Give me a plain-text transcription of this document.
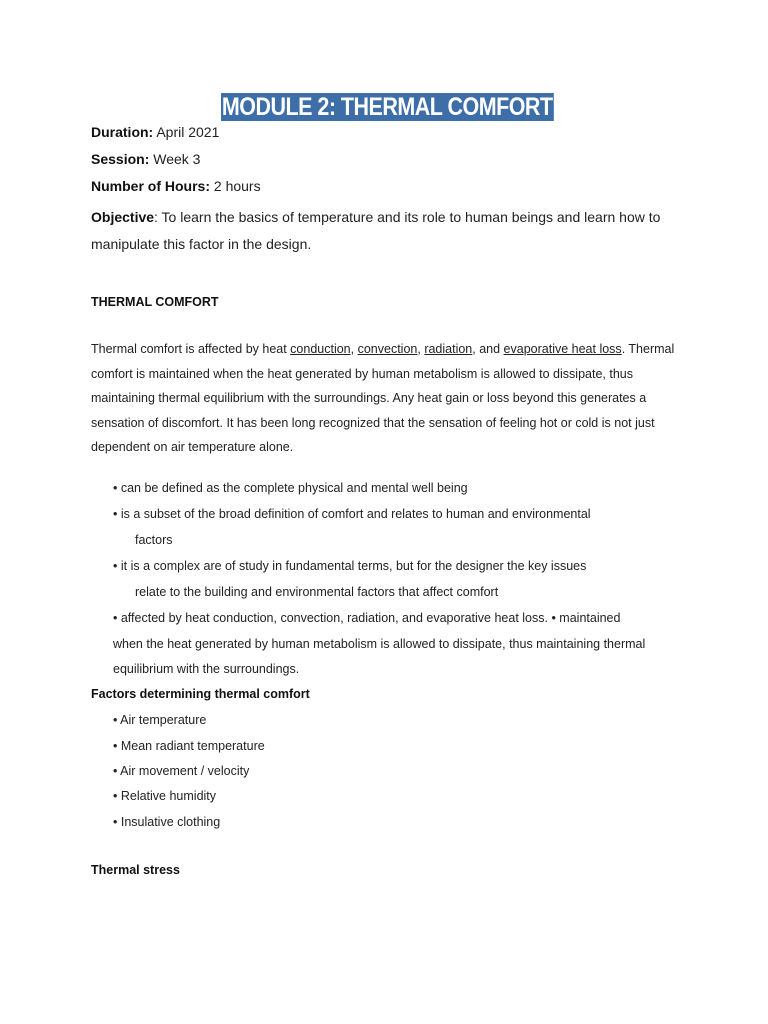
MODULE 2: THERMAL COMFORT
Duration: April 2021
Session: Week 3
Number of Hours: 2 hours
Objective: To learn the basics of temperature and its role to human beings and learn how to manipulate this factor in the design.
THERMAL COMFORT
Thermal comfort is affected by heat conduction, convection, radiation, and evaporative heat loss. Thermal comfort is maintained when the heat generated by human metabolism is allowed to dissipate, thus maintaining thermal equilibrium with the surroundings. Any heat gain or loss beyond this generates a sensation of discomfort. It has been long recognized that the sensation of feeling hot or cold is not just dependent on air temperature alone.
• can be defined as the complete physical and mental well being
• is a subset of the broad definition of comfort and relates to human and environmental
factors
• it is a complex are of study in fundamental terms, but for the designer the key issues
relate to the building and environmental factors that affect comfort
• affected by heat conduction, convection, radiation, and evaporative heat loss. • maintained when the heat generated by human metabolism is allowed to dissipate, thus maintaining thermal equilibrium with the surroundings.
Factors determining thermal comfort
• Air temperature
• Mean radiant temperature
• Air movement / velocity
• Relative humidity
• Insulative clothing
Thermal stress
